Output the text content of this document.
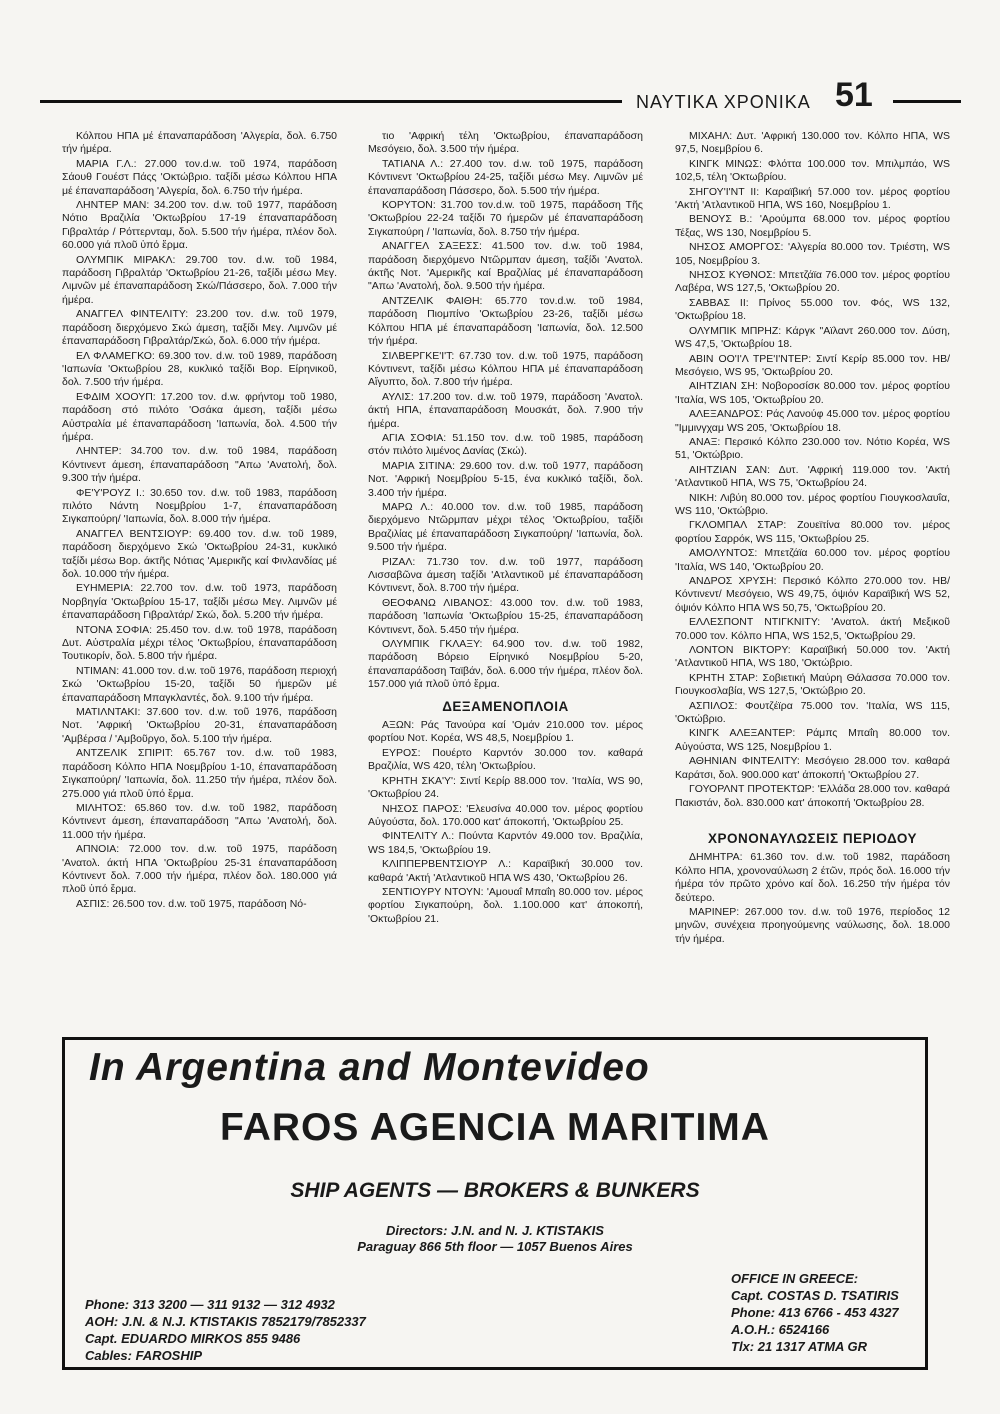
ΝΑΥΤΙΚΑ ΧΡΟΝΙΚΑ 51

Κόλπου ΗΠΑ μέ έπαναπαράδοση 'Αλγερία, δολ. 6.750 τήν ήμέρα.

ΜΑΡΙΑ Γ.Λ.: 27.000 τον.d.w. τοῦ 1974, παράδοση Σάουθ Γουέστ Πάςς 'Οκτώβριο. ταξίδι μέσω Κόλπου ΗΠΑ μέ έπαναπαράδοση 'Αλγερία, δολ. 6.750 τήν ήμέρα.

ΛΗΝΤΕΡ ΜΑΝ: 34.200 τον. d.w. τοῦ 1977, παράδοση Νότιο Βραζιλία 'Οκτωβρίου 17-19 έπαναπαράδοση Γιβραλτάρ / Ρόττερνταμ, δολ. 5.500 τήν ήμέρα, πλέον δολ. 60.000 γιά πλοῦ ὑπό ἔρμα.

ΟΛΥΜΠΙΚ ΜΙΡΑΚΛ: 29.700 τον. d.w. τοῦ 1984, παράδοση Γιβραλτάρ 'Οκτωβρίου 21-26, ταξίδι μέσω Μεγ. Λιμνῶν μέ έπαναπαράδοση Σκώ/Πάσσερο, δολ. 7.000 τήν ήμέρα.

ΑΝΑΓΓΕΛ ΦΙΝΤΕΛΙΤΥ: 23.200 τον. d.w. τοῦ 1979, παράδοση διερχόμενο Σκώ άμεση, ταξίδι Μεγ. Λιμνῶν μέ έπαναπαράδοση Γιβραλτάρ/Σκώ, δολ. 6.000 τήν ήμέρα.

ΕΛ ΦΛΑΜΕΓΚΟ: 69.300 τον. d.w. τοῦ 1989, παράδοση 'Ιαπωνία 'Οκτωβρίου 28, κυκλικό ταξίδι Βορ. Είρηνικοῦ, δολ. 7.500 τήν ήμέρα.

ΕΦΔΙΜ ΧΟΟΥΠ: 17.200 τον. d.w. φρήντομ τοῦ 1980, παράδοση στό πιλότο 'Οσάκα άμεση, ταξίδι μέσω Αὐστραλία μέ έπαναπαράδοση 'Ιαπωνία, δολ. 4.500 τήν ήμέρα.

ΛΗΝΤΕΡ: 34.700 τον. d.w. τοῦ 1984, παράδοση Κόντινεντ άμεση, έπαναπαράδοση "Απω 'Ανατολή, δολ. 9.300 τήν ήμέρα.

ΦΕ'Υ'ΡΟΥΖ Ι.: 30.650 τον. d.w. τοῦ 1983, παράδοση πιλότο Νάντη Νοεμβρίου 1-7, έπαναπαράδοση Σιγκαπούρη/ 'Ιαπωνία, δολ. 8.000 τήν ήμέρα.

ΑΝΑΓΓΕΛ ΒΕΝΤΣΙΟΥΡ: 69.400 τον. d.w. τοῦ 1989, παράδοση διερχόμενο Σκώ 'Οκτωβρίου 24-31, κυκλικό ταξίδι μέσω Βορ. άκτῆς Νότιας 'Αμερικῆς καί Φινλανδίας μέ δολ. 10.000 τήν ήμέρα.

ΕΥΗΜΕΡΙΑ: 22.700 τον. d.w. τοῦ 1973, παράδοση Νορβηγία 'Οκτωβρίου 15-17, ταξίδι μέσω Μεγ. Λιμνῶν μέ έπαναπαράδοση Γιβραλτάρ/ Σκώ, δολ. 5.200 τήν ήμέρα.

ΝΤΟΝΑ ΣΟΦΙΑ: 25.450 τον. d.w. τοῦ 1978, παράδοση Δυτ. Αὐστραλία μέχρι τέλος 'Οκτωβρίου, έπαναπαράδοση Τουτικορίν, δολ. 5.800 τήν ήμέρα.

ΝΤΙΜΑΝ: 41.000 τον. d.w. τοῦ 1976, παράδοση περιοχή Σκώ 'Οκτωβρίου 15-20, ταξίδι 50 ήμερῶν μέ έπαναπαράδοση Μπαγκλαντές, δολ. 9.100 τήν ήμέρα.

ΜΑΤΙΛΝΤΑΚΙ: 37.600 τον. d.w. τοῦ 1976, παράδοση Νοτ. 'Αφρική 'Οκτωβρίου 20-31, έπαναπαράδοση 'Αμβέρσα / 'Αμβοῦργο, δολ. 5.100 τήν ήμέρα.

ΑΝΤΖΕΛΙΚ ΣΠΙΡΙΤ: 65.767 τον. d.w. τοῦ 1983, παράδοση Κόλπο ΗΠΑ Νοεμβρίου 1-10, έπαναπαράδοση Σιγκαπούρη/ 'Ιαπωνία, δολ. 11.250 τήν ήμέρα, πλέον δολ. 275.000 γιά πλοῦ ὑπό ἔρμα.

ΜΙΛΗΤΟΣ: 65.860 τον. d.w. τοῦ 1982, παράδοση Κόντινεντ άμεση, έπαναπαράδοση "Απω 'Ανατολή, δολ. 11.000 τήν ήμέρα.

ΑΠΝΟΙΑ: 72.000 τον. d.w. τοῦ 1975, παράδοση 'Ανατολ. άκτή ΗΠΑ 'Οκτωβρίου 25-31 έπαναπαράδοση Κόντινεντ δολ. 7.000 τήν ήμέρα, πλέον δολ. 180.000 γιά πλοῦ ὑπό ἔρμα.

ΑΣΠΙΣ: 26.500 τον. d.w. τοῦ 1975, παράδοση Νό-

τιο 'Αφρική τέλη 'Οκτωβρίου, έπαναπαράδοση Μεσόγειο, δολ. 3.500 τήν ήμέρα.

ΤΑΤΙΑΝΑ Λ.: 27.400 τον. d.w. τοῦ 1975, παράδοση Κόντινεντ 'Οκτωβρίου 24-25, ταξίδι μέσω Μεγ. Λιμνῶν μέ έπαναπαράδοση Πάσσερο, δολ. 5.500 τήν ήμέρα.

ΚΟΡΥΤΟΝ: 31.700 τον.d.w. τοῦ 1975, παράδοση Τῆς 'Οκτωβρίου 22-24 ταξίδι 70 ήμερῶν μέ έπαναπαράδοση Σιγκαπούρη / 'Ιαπωνία, δολ. 8.750 τήν ήμέρα.

ΑΝΑΓΓΕΛ ΣΑΞΕΣΣ: 41.500 τον. d.w. τοῦ 1984, παράδοση διερχόμενο Ντῶρμπαν άμεση, ταξίδι 'Ανατολ. άκτῆς Νοτ. 'Αμερικῆς καί Βραζιλίας μέ έπαναπαράδοση "Απω 'Ανατολή, δολ. 9.500 τήν ήμέρα.

ΑΝΤΖΕΛΙΚ ΦΑΙΘΗ: 65.770 τον.d.w. τοῦ 1984, παράδοση Πιομπίνο 'Οκτωβρίου 23-26, ταξίδι μέσω Κόλπου ΗΠΑ μέ έπαναπαράδοση 'Ιαπωνία, δολ. 12.500 τήν ήμέρα.

ΣΙΛΒΕΡΓΚΕ'Ι'Τ: 67.730 τον. d.w. τοῦ 1975, παράδοση Κόντινεντ, ταξίδι μέσω Κόλπου ΗΠΑ μέ έπαναπαράδοση Αἴγυπτο, δολ. 7.800 τήν ήμέρα.

ΑΥΛΙΣ: 17.200 τον. d.w. τοῦ 1979, παράδοση 'Ανατολ. άκτή ΗΠΑ, έπαναπαράδοση Μουσκάτ, δολ. 7.900 τήν ήμέρα.

ΑΓΙΑ ΣΟΦΙΑ: 51.150 τον. d.w. τοῦ 1985, παράδοση στόν πιλότο λιμένος Δανίας (Σκώ).

ΜΑΡΙΑ ΣΙΤΙΝΑ: 29.600 τον. d.w. τοῦ 1977, παράδοση Νοτ. 'Αφρική Νοεμβρίου 5-15, ένα κυκλικό ταξίδι, δολ. 3.400 τήν ήμέρα.

ΜΑΡΩ Λ.: 40.000 τον. d.w. τοῦ 1985, παράδοση διερχόμενο Ντῶρμπαν μέχρι τέλος 'Οκτωβρίου, ταξίδι Βραζιλίας μέ έπαναπαράδοση Σιγκαπούρη/ 'Ιαπωνία, δολ. 9.500 τήν ήμέρα.

ΡΙΖΑΛ: 71.730 τον. d.w. τοῦ 1977, παράδοση Λισσαβῶνα άμεση ταξίδι 'Ατλαντικοῦ μέ έπαναπαράδοση Κόντινεντ, δολ. 8.700 τήν ήμέρα.

ΘΕΟΦΑΝΩ ΛΙΒΑΝΟΣ: 43.000 τον. d.w. τοῦ 1983, παράδοση 'Ιαπωνία 'Οκτωβρίου 15-25, έπαναπαράδοση Κόντινεντ, δολ. 5.450 τήν ήμέρα.

ΟΛΥΜΠΙΚ ΓΚΛΑΞΥ: 64.900 τον. d.w. τοῦ 1982, παράδοση Βόρειο Είρηνικό Νοεμβρίου 5-20, έπαναπαράδοση Ταϊβάν, δολ. 6.000 τήν ήμέρα, πλέον δολ. 157.000 γιά πλοῦ ὑπό ἔρμα.

ΔΕΞΑΜΕΝΟΠΛΟΙΑ

ΑΞΩΝ: Ράς Τανούρα καί 'Ομάν 210.000 τον. μέρος φορτίου Νοτ. Κορέα, WS 48,5, Νοεμβρίου 1.

ΕΥΡΟΣ: Πουέρτο Καρντόν 30.000 τον. καθαρά Βραζιλία, WS 420, τέλη 'Οκτωβρίου.

ΚΡΗΤΗ ΣΚΑ'Υ': Σιντί Κερίρ 88.000 τον. 'Ιταλία, WS 90, 'Οκτωβρίου 24.

ΝΗΣΟΣ ΠΑΡΟΣ: 'Ελευσίνα 40.000 τον. μέρος φορτίου Αὐγούστα, δολ. 170.000 κατ' άποκοπή, 'Οκτωβρίου 25.

ΦΙΝΤΕΛΙΤΥ Λ.: Πούντα Καρντόν 49.000 τον. Βραζιλία, WS 184,5, 'Οκτωβρίου 19.

ΚΛΙΠΠΕΡΒΕΝΤΣΙΟΥΡ Λ.: Καραϊβική 30.000 τον. καθαρά 'Ακτή 'Ατλαντικοῦ ΗΠΑ WS 430, 'Οκτωβρίου 26.

ΣΕΝΤΙΟΥΡΥ ΝΤΟΥΝ: 'Αμουαΐ Μπαΐη 80.000 τον. μέρος φορτίου Σιγκαπούρη, δολ. 1.100.000 κατ' άποκοπή, 'Οκτωβρίου 21.

ΜΙΧΑΗΛ: Δυτ. 'Αφρική 130.000 τον. Κόλπο ΗΠΑ, WS 97,5, Νοεμβρίου 6.

ΚΙΝΓΚ ΜΙΝΩΣ: Φλόττα 100.000 τον. Μπιλμπάο, WS 102,5, τέλη 'Οκτωβρίου.

ΣΗΓΟΥ'Ι'ΝΤ ΙΙ: Καραϊβική 57.000 τον. μέρος φορτίου 'Ακτή 'Ατλαντικοῦ ΗΠΑ, WS 160, Νοεμβρίου 1.

ΒΕΝΟΥΣ Β.: 'Αρούμπα 68.000 τον. μέρος φορτίου Τέξας, WS 130, Νοεμβρίου 5.

ΝΗΣΟΣ ΑΜΟΡΓΟΣ: 'Αλγερία 80.000 τον. Τριέστη, WS 105, Νοεμβρίου 3.

ΝΗΣΟΣ ΚΥΘΝΟΣ: Μπετζάϊα 76.000 τον. μέρος φορτίου Λαβέρα, WS 127,5, 'Οκτωβρίου 20.

ΣΑΒΒΑΣ ΙΙ: Πρίνος 55.000 τον. Φός, WS 132, 'Οκτωβρίου 18.

ΟΛΥΜΠΙΚ ΜΠΡΗΖ: Κάργκ "Αϊλαντ 260.000 τον. Δύση, WS 47,5, 'Οκτωβρίου 18.

ΑΒΙΝ ΟΟ'Ι'Λ ΤΡΕ'Ι'ΝΤΕΡ: Σιντί Κερίρ 85.000 τον. ΗΒ/Μεσόγειο, WS 95, 'Οκτωβρίου 20.

ΑΙΗΤΖΙΑΝ ΣΗ: Νοβοροσίσκ 80.000 τον. μέρος φορτίου 'Ιταλία, WS 105, 'Οκτωβρίου 20.

ΑΛΕΞΑΝΔΡΟΣ: Ράς Λανούφ 45.000 τον. μέρος φορτίου "Ιμμινγχαμ WS 205, 'Οκτωβρίου 18.

ΑΝΑΞ: Περσικό Κόλπο 230.000 τον. Νότιο Κορέα, WS 51, 'Οκτώβριο.

ΑΙΗΤΖΙΑΝ ΣΑΝ: Δυτ. 'Αφρική 119.000 τον. 'Ακτή 'Ατλαντικοῦ ΗΠΑ, WS 75, 'Οκτωβρίου 24.

ΝΙΚΗ: Λιβύη 80.000 τον. μέρος φορτίου Γιουγκοσλαυΐα, WS 110, 'Οκτώβριο.

ΓΚΛΟΜΠΑΛ ΣΤΑΡ: Ζουεϊτίνα 80.000 τον. μέρος φορτίου Σαρρόκ, WS 115, 'Οκτωβρίου 25.

ΑΜΟΛΥΝΤΟΣ: Μπετζάϊα 60.000 τον. μέρος φορτίου 'Ιταλία, WS 140, 'Οκτωβρίου 20.

ΑΝΔΡΟΣ ΧΡΥΣΗ: Περσικό Κόλπο 270.000 τον. ΗΒ/Κόντινεντ/ Μεσόγειο, WS 49,75, όψιόν Καραϊβική WS 52, όψιόν Κόλπο ΗΠΑ WS 50,75, 'Οκτωβρίου 20.

ΕΛΛΕΣΠΟΝΤ ΝΤΙΓΚΝΙΤΥ: 'Ανατολ. άκτή Μεξικοῦ 70.000 τον. Κόλπο ΗΠΑ, WS 152,5, 'Οκτωβρίου 29.

ΛΟΝΤΟΝ ΒΙΚΤΟΡΥ: Καραϊβική 50.000 τον. 'Ακτή 'Ατλαντικοῦ ΗΠΑ, WS 180, 'Οκτώβριο.

ΚΡΗΤΗ ΣΤΑΡ: Σοβιετική Μαύρη Θάλασσα 70.000 τον. Γιουγκοσλαβία, WS 127,5, 'Οκτώβριο 20.

ΑΣΠΙΛΟΣ: Φουτζέϊρα 75.000 τον. 'Ιταλία, WS 115, 'Οκτώβριο.

ΚΙΝΓΚ ΑΛΕΞΑΝΤΕΡ: Ράμπς Μπαΐη 80.000 τον. Αὐγούστα, WS 125, Νοεμβρίου 1.

ΑΘΗΝΙΑΝ ΦΙΝΤΕΛΙΤΥ: Μεσόγειο 28.000 τον. καθαρά Καράτσι, δολ. 900.000 κατ' άποκοπή 'Οκτωβρίου 27.

ΓΟΥΟΡΛΝΤ ΠΡΟΤΕΚΤΩΡ: 'Ελλάδα 28.000 τον. καθαρά Πακιστάν, δολ. 830.000 κατ' άποκοπή 'Οκτωβρίου 28.

ΧΡΟΝΟΝΑΥΛΩΣΕΙΣ ΠΕΡΙΟΔΟΥ

ΔΗΜΗΤΡΑ: 61.360 τον. d.w. τοῦ 1982, παράδοση Κόλπο ΗΠΑ, χρονοναύλωση 2 έτῶν, πρός δολ. 16.000 τήν ήμέρα τόν πρῶτο χρόνο καί δολ. 16.250 τήν ήμέρα τόν δεύτερο.

ΜΑΡΙΝΕΡ: 267.000 τον. d.w. τοῦ 1976, περίοδος 12 μηνῶν, συνέχεια προηγούμενης ναύλωσης, δολ. 18.000 τήν ήμέρα.

In Argentina and Montevideo
FAROS AGENCIA MARITIMA
SHIP AGENTS — BROKERS & BUNKERS
Directors: J.N. and N. J. KTISTAKIS
Paraguay 866 5th floor — 1057 Buenos Aires
Phone: 313 3200 — 311 9132 — 312 4932
AOH: J.N. & N.J. KTISTAKIS 7852179/7852337
Capt. EDUARDO MIRKOS 855 9486
Cables: FAROSHIP
OFFICE IN GREECE:
Capt. COSTAS D. TSATIRIS
Phone: 413 6766 - 453 4327
A.O.H.: 6524166
Tlx: 21 1317 ATMA GR
